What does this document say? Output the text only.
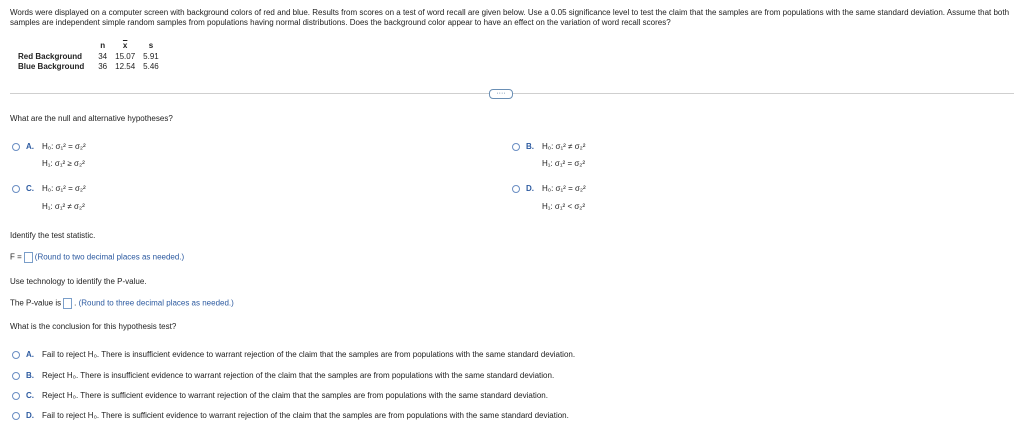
Words were displayed on a computer screen with background colors of red and blue. Results from scores on a test of word recall are given below. Use a 0.05 significance level to test the claim that the samples are from populations with the same standard deviation. Assume that both samples are independent simple random samples from populations having normal distributions. Does the background color appear to have an effect on the variation of word recall scores?
	n	$\overline{x}$	s
Red Background	34	15.07	5.91
Blue Background	36	12.54	5.46
····
What are the null and alternative hypotheses?
A. H₀: σ₁² = σ₂²
H₁: σ₁² ≥ σ₂²
B. H₀: σ₁² ≠ σ₂²
H₁: σ₁² = σ₂²
C. H₀: σ₁² = σ₂²
H₁: σ₁² ≠ σ₂²
D. H₀: σ₁² = σ₂²
H₁: σ₁² < σ₂²
Identify the test statistic.
F = (Round to two decimal places as needed.)
Use technology to identify the P-value.
The P-value is . (Round to three decimal places as needed.)
What is the conclusion for this hypothesis test?
A. Fail to reject H₀. There is insufficient evidence to warrant rejection of the claim that the samples are from populations with the same standard deviation.
B. Reject H₀. There is insufficient evidence to warrant rejection of the claim that the samples are from populations with the same standard deviation.
C. Reject H₀. There is sufficient evidence to warrant rejection of the claim that the samples are from populations with the same standard deviation.
D. Fail to reject H₀. There is sufficient evidence to warrant rejection of the claim that the samples are from populations with the same standard deviation.
